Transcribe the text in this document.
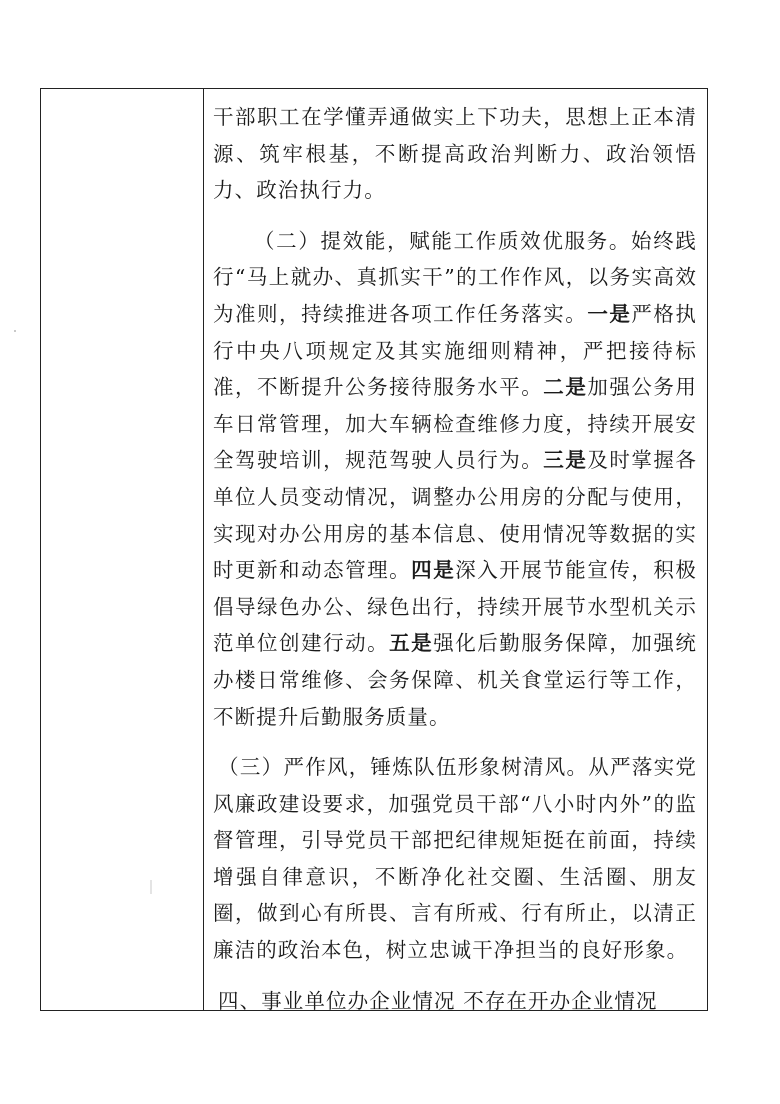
干部职工在学懂弄通做实上下功夫，思想上正本清源、筑牢根基，不断提高政治判断力、政治领悟力、政治执行力。

（二）提效能，赋能工作质效优服务。始终践行“马上就办、真抓实干”的工作作风，以务实高效为准则，持续推进各项工作任务落实。一是严格执行中央八项规定及其实施细则精神，严把接待标准，不断提升公务接待服务水平。二是加强公务用车日常管理，加大车辆检查维修力度，持续开展安全驾驶培训，规范驾驶人员行为。三是及时掌握各单位人员变动情况，调整办公用房的分配与使用，实现对办公用房的基本信息、使用情况等数据的实时更新和动态管理。四是深入开展节能宣传，积极倡导绿色办公、绿色出行，持续开展节水型机关示范单位创建行动。五是强化后勤服务保障，加强统办楼日常维修、会务保障、机关食堂运行等工作，不断提升后勤服务质量。

（三）严作风，锤炼队伍形象树清风。从严落实党风廉政建设要求，加强党员干部“八小时内外”的监督管理，引导党员干部把纪律规矩挺在前面，持续增强自律意识，不断净化社交圈、生活圈、朋友圈，做到心有所畏、言有所戒、行有所止，以清正廉洁的政治本色，树立忠诚干净担当的良好形象。

四、事业单位办企业情况 不存在开办企业情况
